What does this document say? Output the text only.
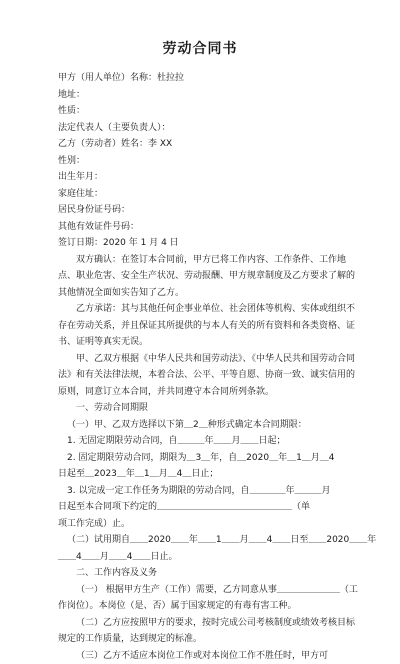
劳动合同书
甲方（用人单位）名称：杜拉拉
地址：
性质：
法定代表人（主要负责人）：
乙方（劳动者）姓名：李 XX
性别：
出生年月：
家庭住址：
居民身份证号码：
其他有效证件号码：
签订日期：2020 年 1 月 4 日
双方确认：在签订本合同前，甲方已将工作内容、工作条件、工作地点、职业危害、安全生产状况、劳动报酬、甲方规章制度及乙方要求了解的其他情况全面如实告知了乙方。
乙方承诺：其与其他任何企事业单位、社会团体等机构、实体或组织不存在劳动关系，并且保证其所提供的与本人有关的所有资料和各类资格、证书、证明等真实无误。
甲、乙双方根据《中华人民共和国劳动法》、《中华人民共和国劳动合同法》和有关法律法规，本着合法、公平、平等自愿、协商一致、诚实信用的原则，同意订立本合同，并共同遵守本合同所列条款。
一、劳动合同期限
（一）甲、乙双方选择以下第＿2＿种形式确定本合同期限：
1. 无固定期限劳动合同，自＿＿＿年＿＿月＿＿日起；
2. 固定期限劳动合同，期限为＿3＿年，自＿2020＿年＿1＿月＿4
日起至＿2023＿年＿1＿月＿4＿日止；
3. 以完成一定工作任务为期限的劳动合同，自＿＿＿＿年＿＿＿月
日起至本合同项下约定的＿＿＿＿＿＿＿＿＿＿＿＿＿＿＿（单
项工作完成）止。
（二）试用期自＿＿2020＿＿年＿＿1＿＿月＿＿4＿＿日至＿＿2020＿＿年
＿＿4＿＿月＿＿4＿＿日止。
二、工作内容及义务
（一） 根据甲方生产（工作）需要，乙方同意从事＿＿＿＿＿＿＿（工作岗位）。本岗位（是、否）属于国家规定的有毒有害工种。
（二）乙方应按照甲方的要求，按时完成公司考核制度或绩效考核目标规定的工作质量，达到规定的标准。
（三）乙方不适应本岗位工作或对本岗位工作不胜任时，甲方可
